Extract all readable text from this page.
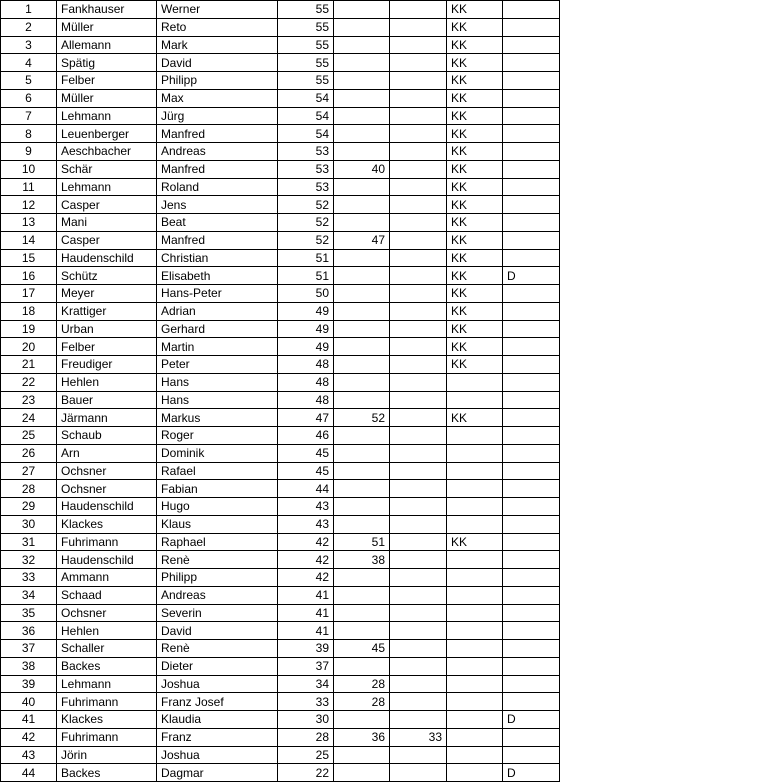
1	Fankhauser	Werner	55			KK	
2	Müller	Reto	55			KK	
3	Allemann	Mark	55			KK	
4	Spätig	David	55			KK	
5	Felber	Philipp	55			KK	
6	Müller	Max	54			KK	
7	Lehmann	Jürg	54			KK	
8	Leuenberger	Manfred	54			KK	
9	Aeschbacher	Andreas	53			KK	
10	Schär	Manfred	53	40		KK	
11	Lehmann	Roland	53			KK	
12	Casper	Jens	52			KK	
13	Mani	Beat	52			KK	
14	Casper	Manfred	52	47		KK	
15	Haudenschild	Christian	51			KK	
16	Schütz	Elisabeth	51			KK	D
17	Meyer	Hans-Peter	50			KK	
18	Krattiger	Adrian	49			KK	
19	Urban	Gerhard	49			KK	
20	Felber	Martin	49			KK	
21	Freudiger	Peter	48			KK	
22	Hehlen	Hans	48				
23	Bauer	Hans	48				
24	Järmann	Markus	47	52		KK	
25	Schaub	Roger	46				
26	Arn	Dominik	45				
27	Ochsner	Rafael	45				
28	Ochsner	Fabian	44				
29	Haudenschild	Hugo	43				
30	Klackes	Klaus	43				
31	Fuhrimann	Raphael	42	51		KK	
32	Haudenschild	Renè	42	38			
33	Ammann	Philipp	42				
34	Schaad	Andreas	41				
35	Ochsner	Severin	41				
36	Hehlen	David	41				
37	Schaller	Renè	39	45			
38	Backes	Dieter	37				
39	Lehmann	Joshua	34	28			
40	Fuhrimann	Franz Josef	33	28			
41	Klackes	Klaudia	30				D
42	Fuhrimann	Franz	28	36	33		
43	Jörin	Joshua	25				
44	Backes	Dagmar	22				D
